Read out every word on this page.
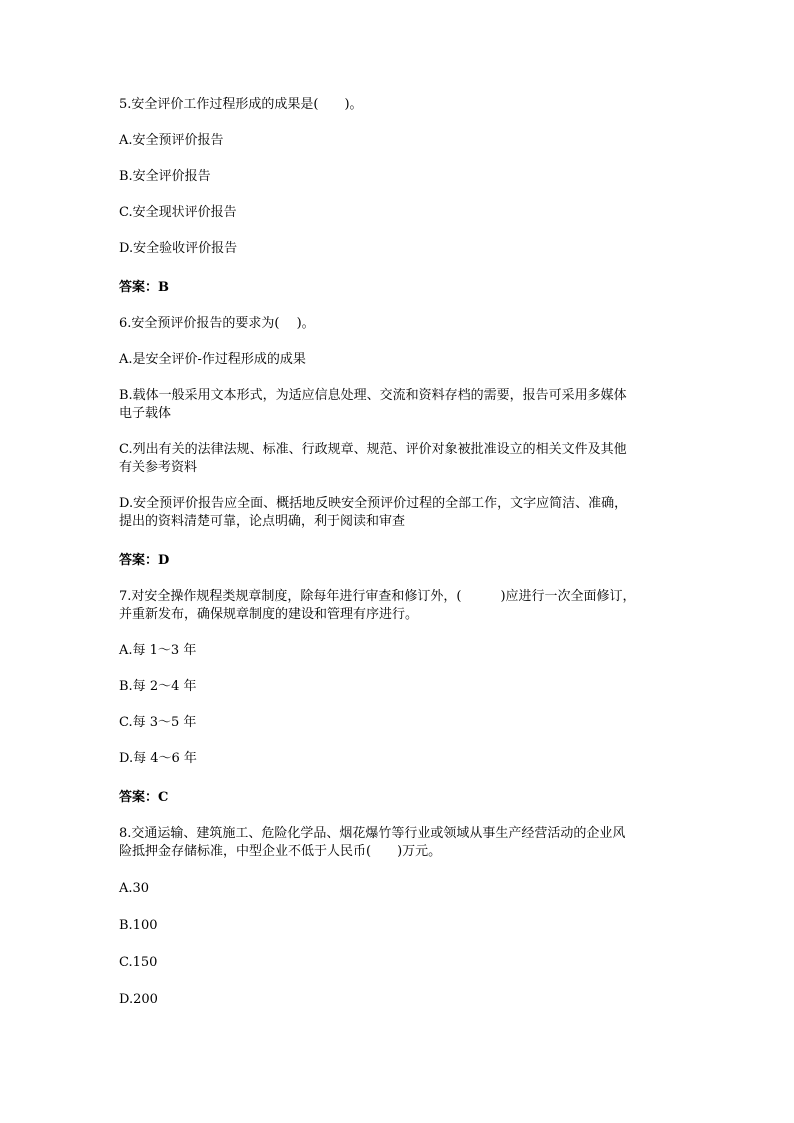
5.安全评价工作过程形成的成果是(　　)。

A.安全预评价报告

B.安全评价报告

C.安全现状评价报告

D.安全验收评价报告

答案：B

6.安全预评价报告的要求为(　 )。

A.是安全评价-作过程形成的成果

B.载体一般采用文本形式，为适应信息处理、交流和资料存档的需要，报告可采用多媒体
电子载体

C.列出有关的法律法规、标准、行政规章、规范、评价对象被批准设立的相关文件及其他
有关参考资料

D.安全预评价报告应全面、概括地反映安全预评价过程的全部工作，文字应简洁、准确，
提出的资料清楚可靠，论点明确，利于阅读和审查

答案：D

7.对安全操作规程类规章制度，除每年进行审查和修订外，(　　　)应进行一次全面修订，
并重新发布，确保规章制度的建设和管理有序进行。

A.每 1～3 年

B.每 2～4 年

C.每 3～5 年

D.每 4～6 年

答案：C

8.交通运输、建筑施工、危险化学品、烟花爆竹等行业或领域从事生产经营活动的企业风
险抵押金存储标准，中型企业不低于人民币(　　)万元。

A.30

B.100

C.150

D.200
